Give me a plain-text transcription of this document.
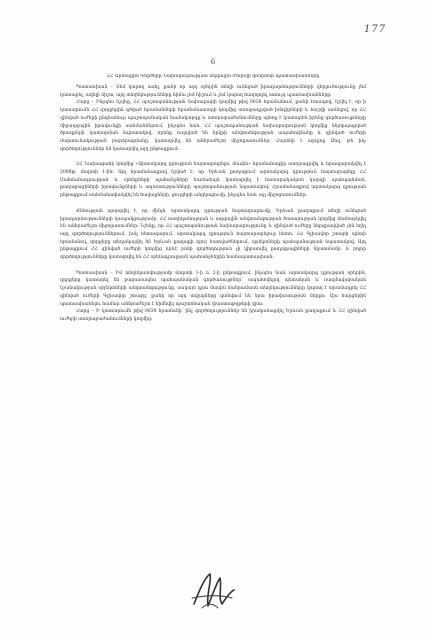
177
6
ՀՀ Արտաքին Գործերի Նախարարության Ազգային Ժողովի կոմիտեի պատասխանները

Պատասխան – Չեմ կարող ասել, քանի որ այդ օրերին տեղի ունեցած իրադարձությունների վերլուծությունը չեմ կատարել, ավելի ճիշտ, այդ տեղեկությունները հիմա չեմ հիշում և չեմ կարող հաղորդել ստույգ պատասխանները:

Հարց – Ինչպես նշվեց, ՀՀ պաշտպանության նախարարի կողմից թիվ 0038 հրամանում, քանի էտապով, նշվել է, որ ի կատարումն ՀՀ զորքերին գծված հրամանների հրամանատարի կողմից առաջադրված խնդիրների և հաշվի առնելով, որ ՀՀ զինված ուժերի ընդհանուր պաշտպանական համակարգը և ստորաբաժանումները պետք է կատարեն իրենց գործառույթները միջազգային իրավունքի սահմաններում, ինչպես նաև ՀՀ պաշտպանության նախարարության կողմից ներկայացված ծրագրերի կատարման նպատակով, որոնք ուղղված են երկրի անվտանգության ապահովմանը և զինված ուժերի մարտունակության բարձրացմանը, կատարվել են անհրաժեշտ միջոցառումներ: Հայտնի է արդյոք Ձեզ, թե ինչ գործողություններ են կատարվել այդ ընթացքում:

ՀՀ Նախագահի կողմից «Արտակարգ դրության հայտարարելու մասին» հրամանագիր ստորագրվել և հրապարակվել է 2008թ. մարտի 1-ին: Այդ հրամանագրով նշված է, որ Երևան քաղաքում արտակարգ դրություն հայտարարելը ՀՀ Սահմանադրության և օրենքների պահանջների համաձայն կատարվել է հասարակական կարգի պահպանման, քաղաքացիների իրավունքների և ազատությունների պաշտպանության նպատակով: Հրամանագրով արտակարգ դրության ընթացքում սահմանափակվել են հավաքների, ցույցերի անցկացումը, ինչպես նաև այլ միջոցառումներ:

Քննության պարզվել է, որ մինչև արտակարգ դրության հայտարարումը, Երևան քաղաքում տեղի ունեցած իրադարձությունների կապակցությամբ, ՀՀ ոստիկանության և ազգային անվտանգության ծառայության կողմից ձեռնարկվել են անհրաժեշտ միջոցառումներ: Նշենք, որ ՀՀ պաշտպանության նախարարությունը և զինված ուժերը ներգրավված չեն եղել այդ գործողություններում, իսկ հետագայում, արտակարգ դրություն հայտարարելուց հետո, ՀՀ Գլխավոր շտաբի պետի հրամանով, զորքերը տեղակայվել են Երևան քաղաքի որոշ հատվածներում, օբյեկտների պահպանության նպատակով: Այդ ընթացքում ՀՀ զինված ուժերի կողմից որևէ բռնի գործողություն չի կիրառվել քաղաքացիների նկատմամբ, և բոլոր գործողությունները կատարվել են ՀՀ օրենսդրության պահանջներին համապատասխան:

Պատասխան – Իմ տեղեկատվությամբ մարտի 1-ի և 2-ի ընթացքում, ինչպես նաև արտակարգ դրության օրերին, զորքերը կատարել են բացառապես պահպանական գործառույթներ՝ ապահովելով պետական և ռազմավարական նշանակության օբյեկտների անվտանգությունը, սակայն դրա մասին մանրամասն տեղեկությունները կարող է տրամադրել ՀՀ զինված ուժերի Գլխավոր շտաբը, քանի որ այդ տվյալները գտնվում են նրա իրավասության ներքո: Այս հարցերին պատասխանելու համար անհրաժեշտ է հիմնվել պաշտոնական փաստաթղթերի վրա:

Հարց – Ի կատարումն թիվ 0038 հրամանի՝ ինչ գործողություններ են իրականացվել Երևան քաղաքում և ՀՀ զինված ուժերի ստորաբաժանումների կողմից:
